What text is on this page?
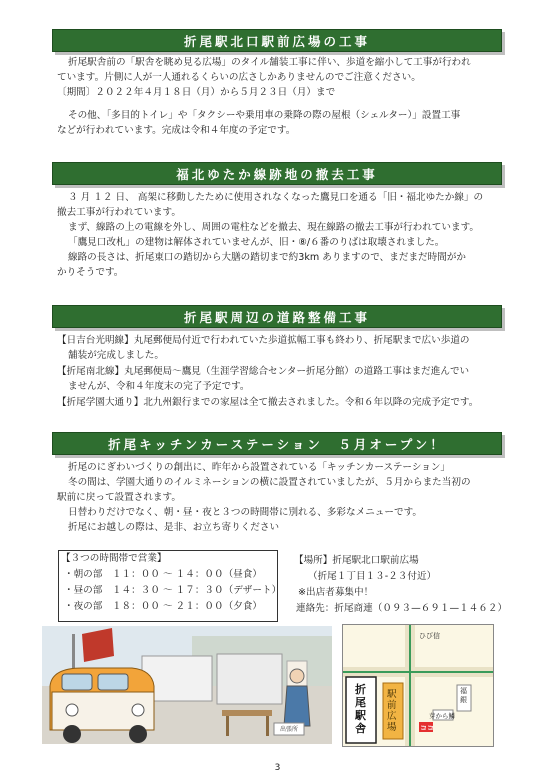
折尾駅北口駅前広場の工事
折尾駅舎前の「駅舎を眺め見る広場」のタイル舗装工事に伴い、歩道を縮小して工事が行われ
ています。片側に人が一人通れるくらいの広さしかありませんのでご注意ください。
〔期間〕２０２２年４月１８日（月）から５月２３日（月）まで
その他、「多目的トイレ」や「タクシーや乗用車の乗降の際の屋根（シェルター）」設置工事
などが行われています。完成は令和４年度の予定です。
福北ゆたか線跡地の撤去工事
３ 月 １２ 日、 高架に移動したために使用されなくなった鷹見口を通る「旧・福北ゆたか線」の
撤去工事が行われています。
まず、線路の上の電線を外し、周囲の電柱などを撤去、現在線路の撤去工事が行われています。
「鷹見口改札」の建物は解体されていませんが、旧・⑧/６番のりばは取壊されました。
線路の長さは、折尾東口の踏切から大膳の踏切まで約3km ありますので、まだまだ時間がか
かりそうです。
折尾駅周辺の道路整備工事
【日吉台光明線】丸尾郵便局付近で行われていた歩道拡幅工事も終わり、折尾駅まで広い歩道の
舗装が完成しました。
【折尾南北線】丸尾郵便局～鷹見（生涯学習総合センター折尾分館）の道路工事はまだ進んでい
ませんが、令和４年度末の完了予定です。
【折尾学園大通り】北九州銀行までの家屋は全て撤去されました。令和６年以降の完成予定です。
折尾キッチンカーステーション　５月オープン！
折尾のにぎわいづくりの創出に、昨年から設置されている「キッチンカーステーション」
冬の間は、学園大通りのイルミネーションの横に設置されていましたが、５月からまた当初の
駅前に戻って設置されます。
日替わりだけでなく、朝・昼・夜と３つの時間帯に別れる、多彩なメニューです。
折尾にお越しの際は、是非、お立ち寄りください
【３つの時間帯で営業】
・朝の部　１１：００ ～ １４：００（昼食）
・昼の部　１４：３０ ～ １７：３０（デザート）
・夜の部　１８：００ ～ ２１：００（夕食）
【場所】折尾駅北口駅前広場
（折尾１丁目１３-２３付近）
※出店者募集中！
連絡先：折尾商連（０９３—６９１—１４６２）
出張所
折尾駅舎
駅前広場
ひび信
福銀
芽から鱗
ココ
3
